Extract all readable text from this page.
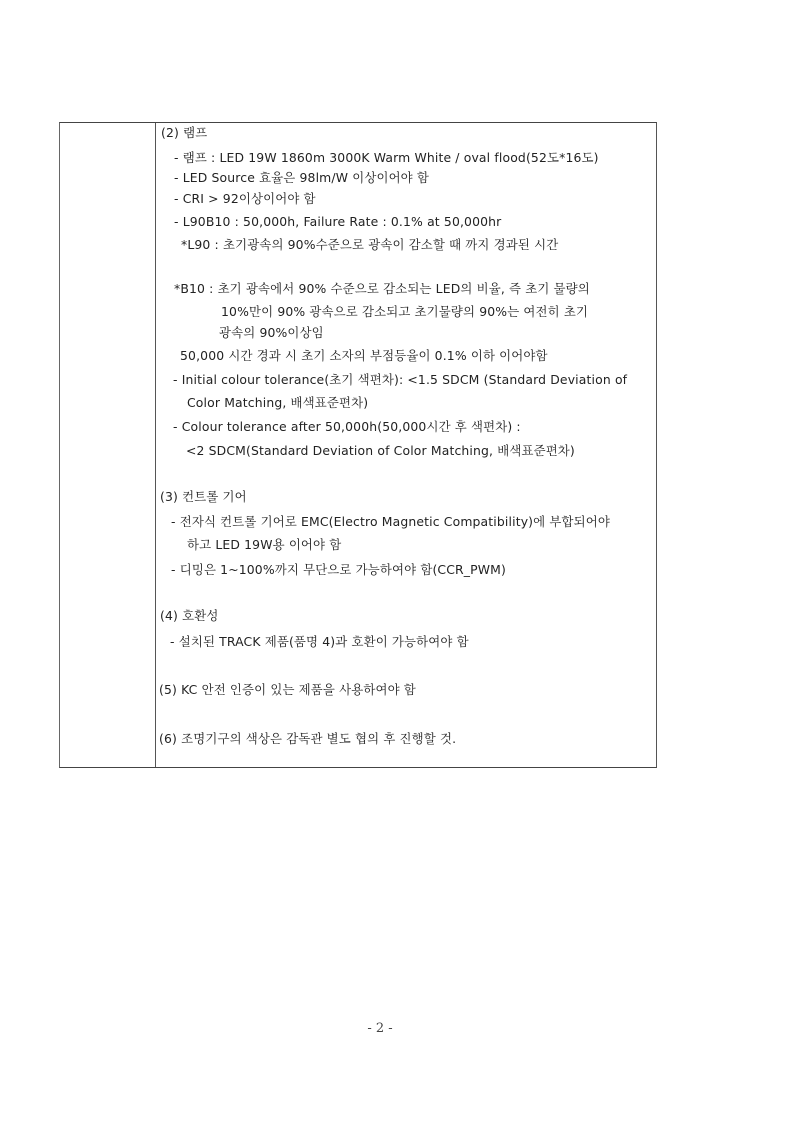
(2) 램프
- 램프 : LED 19W 1860m 3000K Warm White / oval flood(52도*16도)
- LED Source 효율은 98lm/W 이상이어야 함
- CRI > 92이상이어야 함
- L90B10 : 50,000h, Failure Rate : 0.1% at 50,000hr
*L90 : 초기광속의 90%수준으로 광속이 감소할 때 까지 경과된 시간
*B10 : 초기 광속에서 90% 수준으로 감소되는 LED의 비율, 즉 초기 물량의
10%만이 90% 광속으로 감소되고 초기물량의 90%는 여전히 초기
광속의 90%이상임
50,000 시간 경과 시 초기 소자의 부점등율이 0.1% 이하 이어야함
- Initial colour tolerance(초기 색편차): <1.5 SDCM (Standard Deviation of
Color Matching, 배색표준편차)
- Colour tolerance after 50,000h(50,000시간 후 색편차) :
<2 SDCM(Standard Deviation of Color Matching, 배색표준편차)
(3) 컨트롤 기어
- 전자식 컨트롤 기어로 EMC(Electro Magnetic Compatibility)에 부합되어야
하고 LED 19W용 이어야 함
- 디밍은 1~100%까지 무단으로 가능하여야 함(CCR_PWM)
(4) 호환성
- 설치된 TRACK 제품(품명 4)과 호환이 가능하여야 함
(5) KC 안전 인증이 있는 제품을 사용하여야 함
(6) 조명기구의 색상은 감독관 별도 협의 후 진행할 것.
- 2 -
